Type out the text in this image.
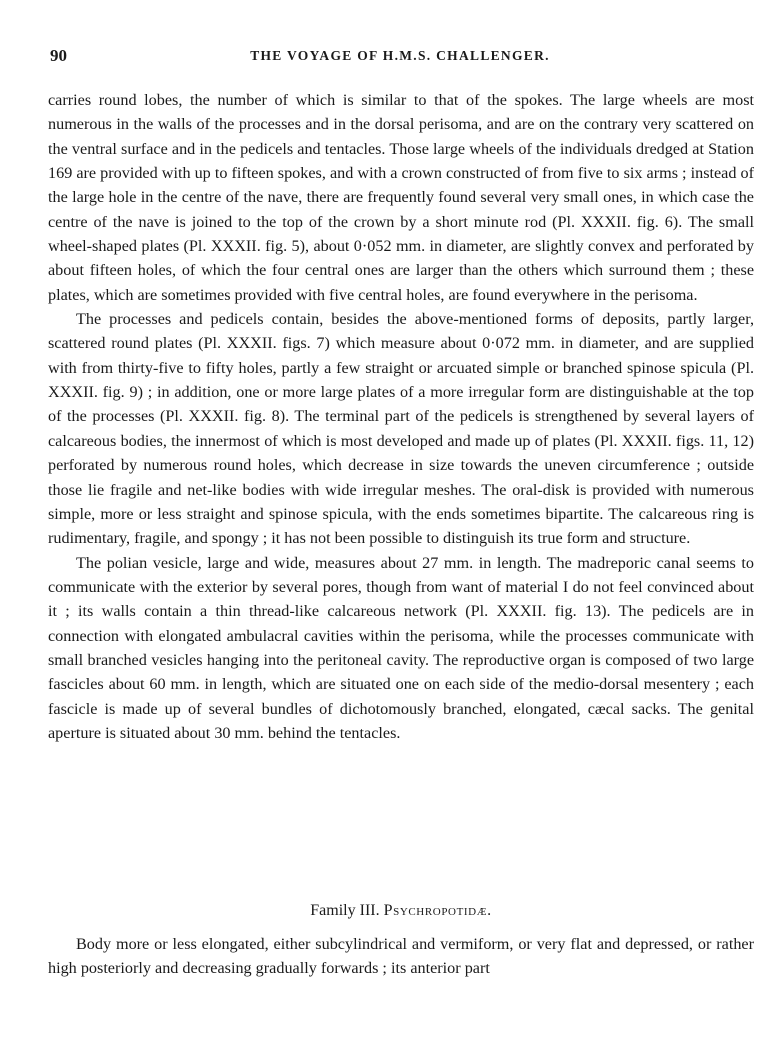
90	THE VOYAGE OF H.M.S. CHALLENGER.

carries round lobes, the number of which is similar to that of the spokes. The large wheels are most numerous in the walls of the processes and in the dorsal perisoma, and are on the contrary very scattered on the ventral surface and in the pedicels and tentacles. Those large wheels of the individuals dredged at Station 169 are provided with up to fifteen spokes, and with a crown constructed of from five to six arms ; instead of the large hole in the centre of the nave, there are frequently found several very small ones, in which case the centre of the nave is joined to the top of the crown by a short minute rod (Pl. XXXII. fig. 6). The small wheel-shaped plates (Pl. XXXII. fig. 5), about 0·052 mm. in diameter, are slightly convex and perforated by about fifteen holes, of which the four central ones are larger than the others which surround them ; these plates, which are sometimes provided with five central holes, are found everywhere in the perisoma.

The processes and pedicels contain, besides the above-mentioned forms of deposits, partly larger, scattered round plates (Pl. XXXII. figs. 7) which measure about 0·072 mm. in diameter, and are supplied with from thirty-five to fifty holes, partly a few straight or arcuated simple or branched spinose spicula (Pl. XXXII. fig. 9) ; in addition, one or more large plates of a more irregular form are distinguishable at the top of the processes (Pl. XXXII. fig. 8). The terminal part of the pedicels is strengthened by several layers of calcareous bodies, the innermost of which is most developed and made up of plates (Pl. XXXII. figs. 11, 12) perforated by numerous round holes, which decrease in size towards the uneven circumference ; outside those lie fragile and net-like bodies with wide irregular meshes. The oral-disk is provided with numerous simple, more or less straight and spinose spicula, with the ends sometimes bipartite. The calcareous ring is rudimentary, fragile, and spongy ; it has not been possible to distinguish its true form and structure.

The polian vesicle, large and wide, measures about 27 mm. in length. The madreporic canal seems to communicate with the exterior by several pores, though from want of material I do not feel convinced about it ; its walls contain a thin thread-like calcareous network (Pl. XXXII. fig. 13). The pedicels are in connection with elongated ambulacral cavities within the perisoma, while the processes communicate with small branched vesicles hanging into the peritoneal cavity. The reproductive organ is composed of two large fascicles about 60 mm. in length, which are situated one on each side of the medio-dorsal mesentery ; each fascicle is made up of several bundles of dichotomously branched, elongated, cæcal sacks. The genital aperture is situated about 30 mm. behind the tentacles.

Family III. Psychropotidæ.

Body more or less elongated, either subcylindrical and vermiform, or very flat and depressed, or rather high posteriorly and decreasing gradually forwards ; its anterior part
